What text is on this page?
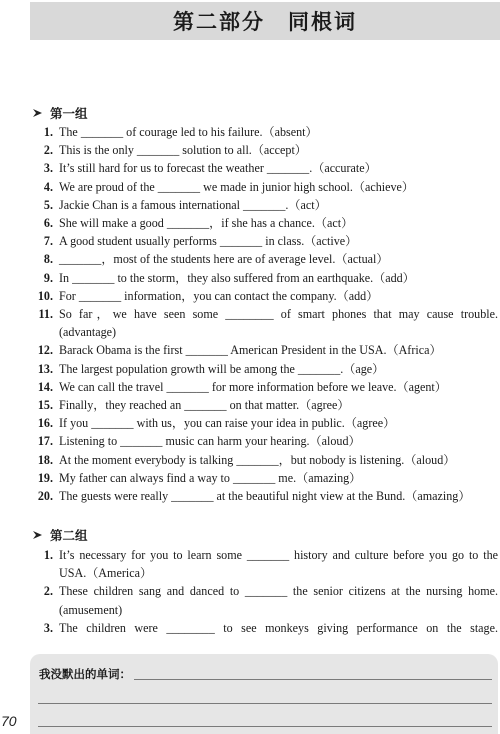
第二部分　同根词
第一组
1. The _______ of courage led to his failure.（absent）
2. This is the only _______ solution to all.（accept）
3. It’s still hard for us to forecast the weather _______.（accurate）
4. We are proud of the _______ we made in junior high school.（achieve）
5. Jackie Chan is a famous international _______.（act）
6. She will make a good _______，if she has a chance.（act）
7. A good student usually performs _______ in class.（active）
8. _______，most of the students here are of average level.（actual）
9. In _______ to the storm，they also suffered from an earthquake.（add）
10. For _______ information，you can contact the company.（add）
11. So far，we have seen some ________ of smart phones that may cause trouble.
(advantage)
12. Barack Obama is the first _______ American President in the USA.（Africa）
13. The largest population growth will be among the _______.（age）
14. We can call the travel _______ for more information before we leave.（agent）
15. Finally，they reached an _______ on that matter.（agree）
16. If you _______ with us，you can raise your idea in public.（agree）
17. Listening to _______ music can harm your hearing.（aloud）
18. At the moment everybody is talking _______，but nobody is listening.（aloud）
19. My father can always find a way to _______ me.（amazing）
20. The guests were really _______ at the beautiful night view at the Bund.（amazing）
第二组
1. It’s necessary for you to learn some _______ history and culture before you go to the
USA.（America）
2. These children sang and danced to _______ the senior citizens at the nursing home.
(amusement)
3. The children were ________ to see monkeys giving performance on the stage.
我没默出的单词：
70
